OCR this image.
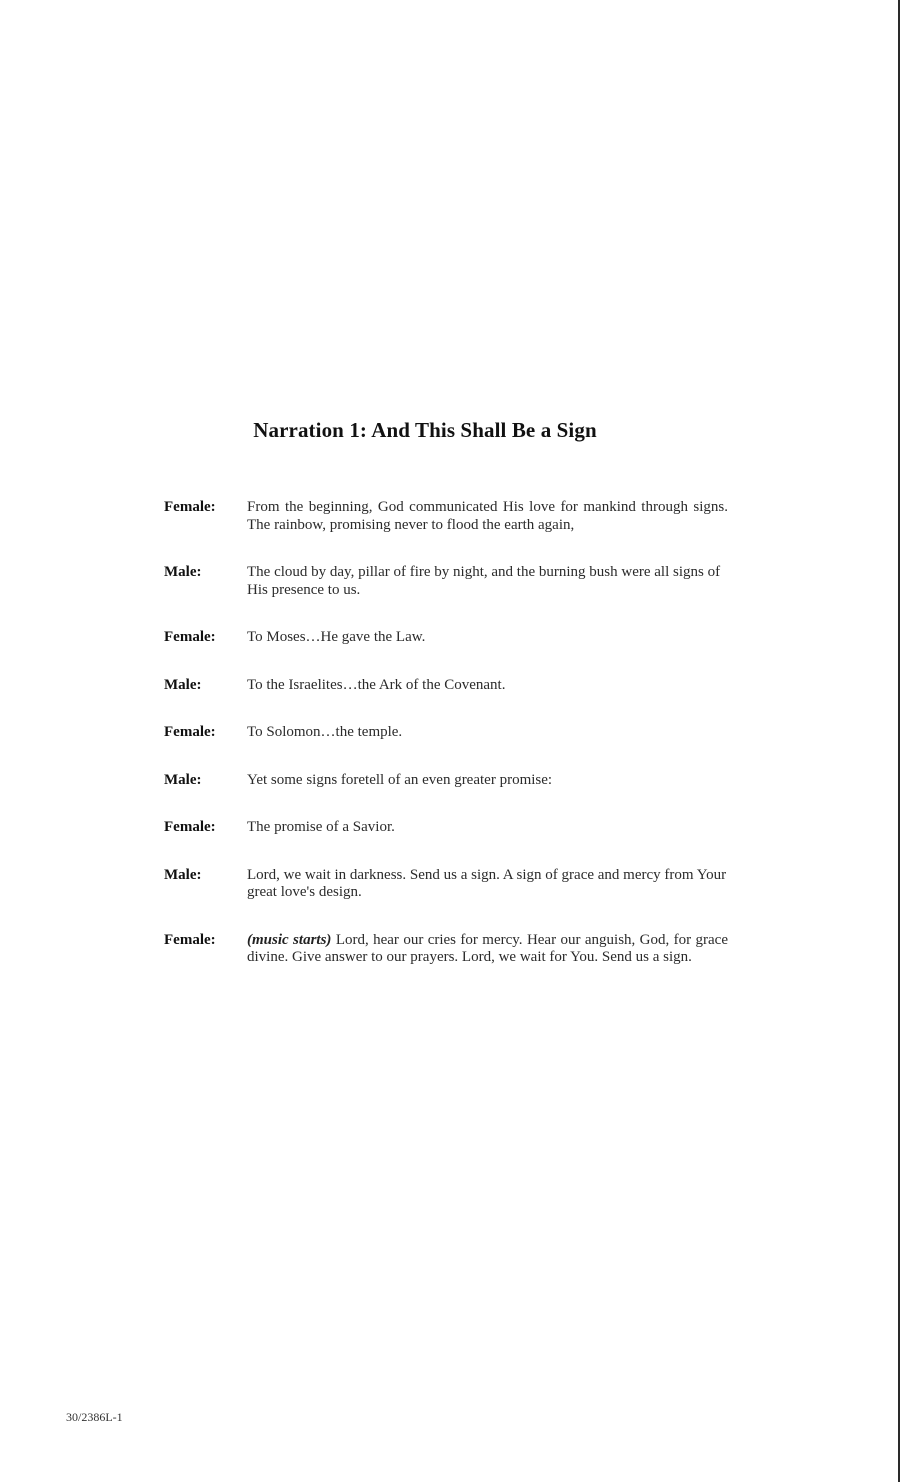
Narration 1: And This Shall Be a Sign
Female:	From the beginning, God communicated His love for mankind through signs. The rainbow, promising never to flood the earth again,
Male:	The cloud by day, pillar of fire by night, and the burning bush were all signs of His presence to us.
Female:	To Moses…He gave the Law.
Male:	To the Israelites…the Ark of the Covenant.
Female:	To Solomon…the temple.
Male:	Yet some signs foretell of an even greater promise:
Female:	The promise of a Savior.
Male:	Lord, we wait in darkness. Send us a sign. A sign of grace and mercy from Your great love's design.
Female:	(music starts) Lord, hear our cries for mercy. Hear our anguish, God, for grace divine. Give answer to our prayers. Lord, we wait for You. Send us a sign.
30/2386L-1
